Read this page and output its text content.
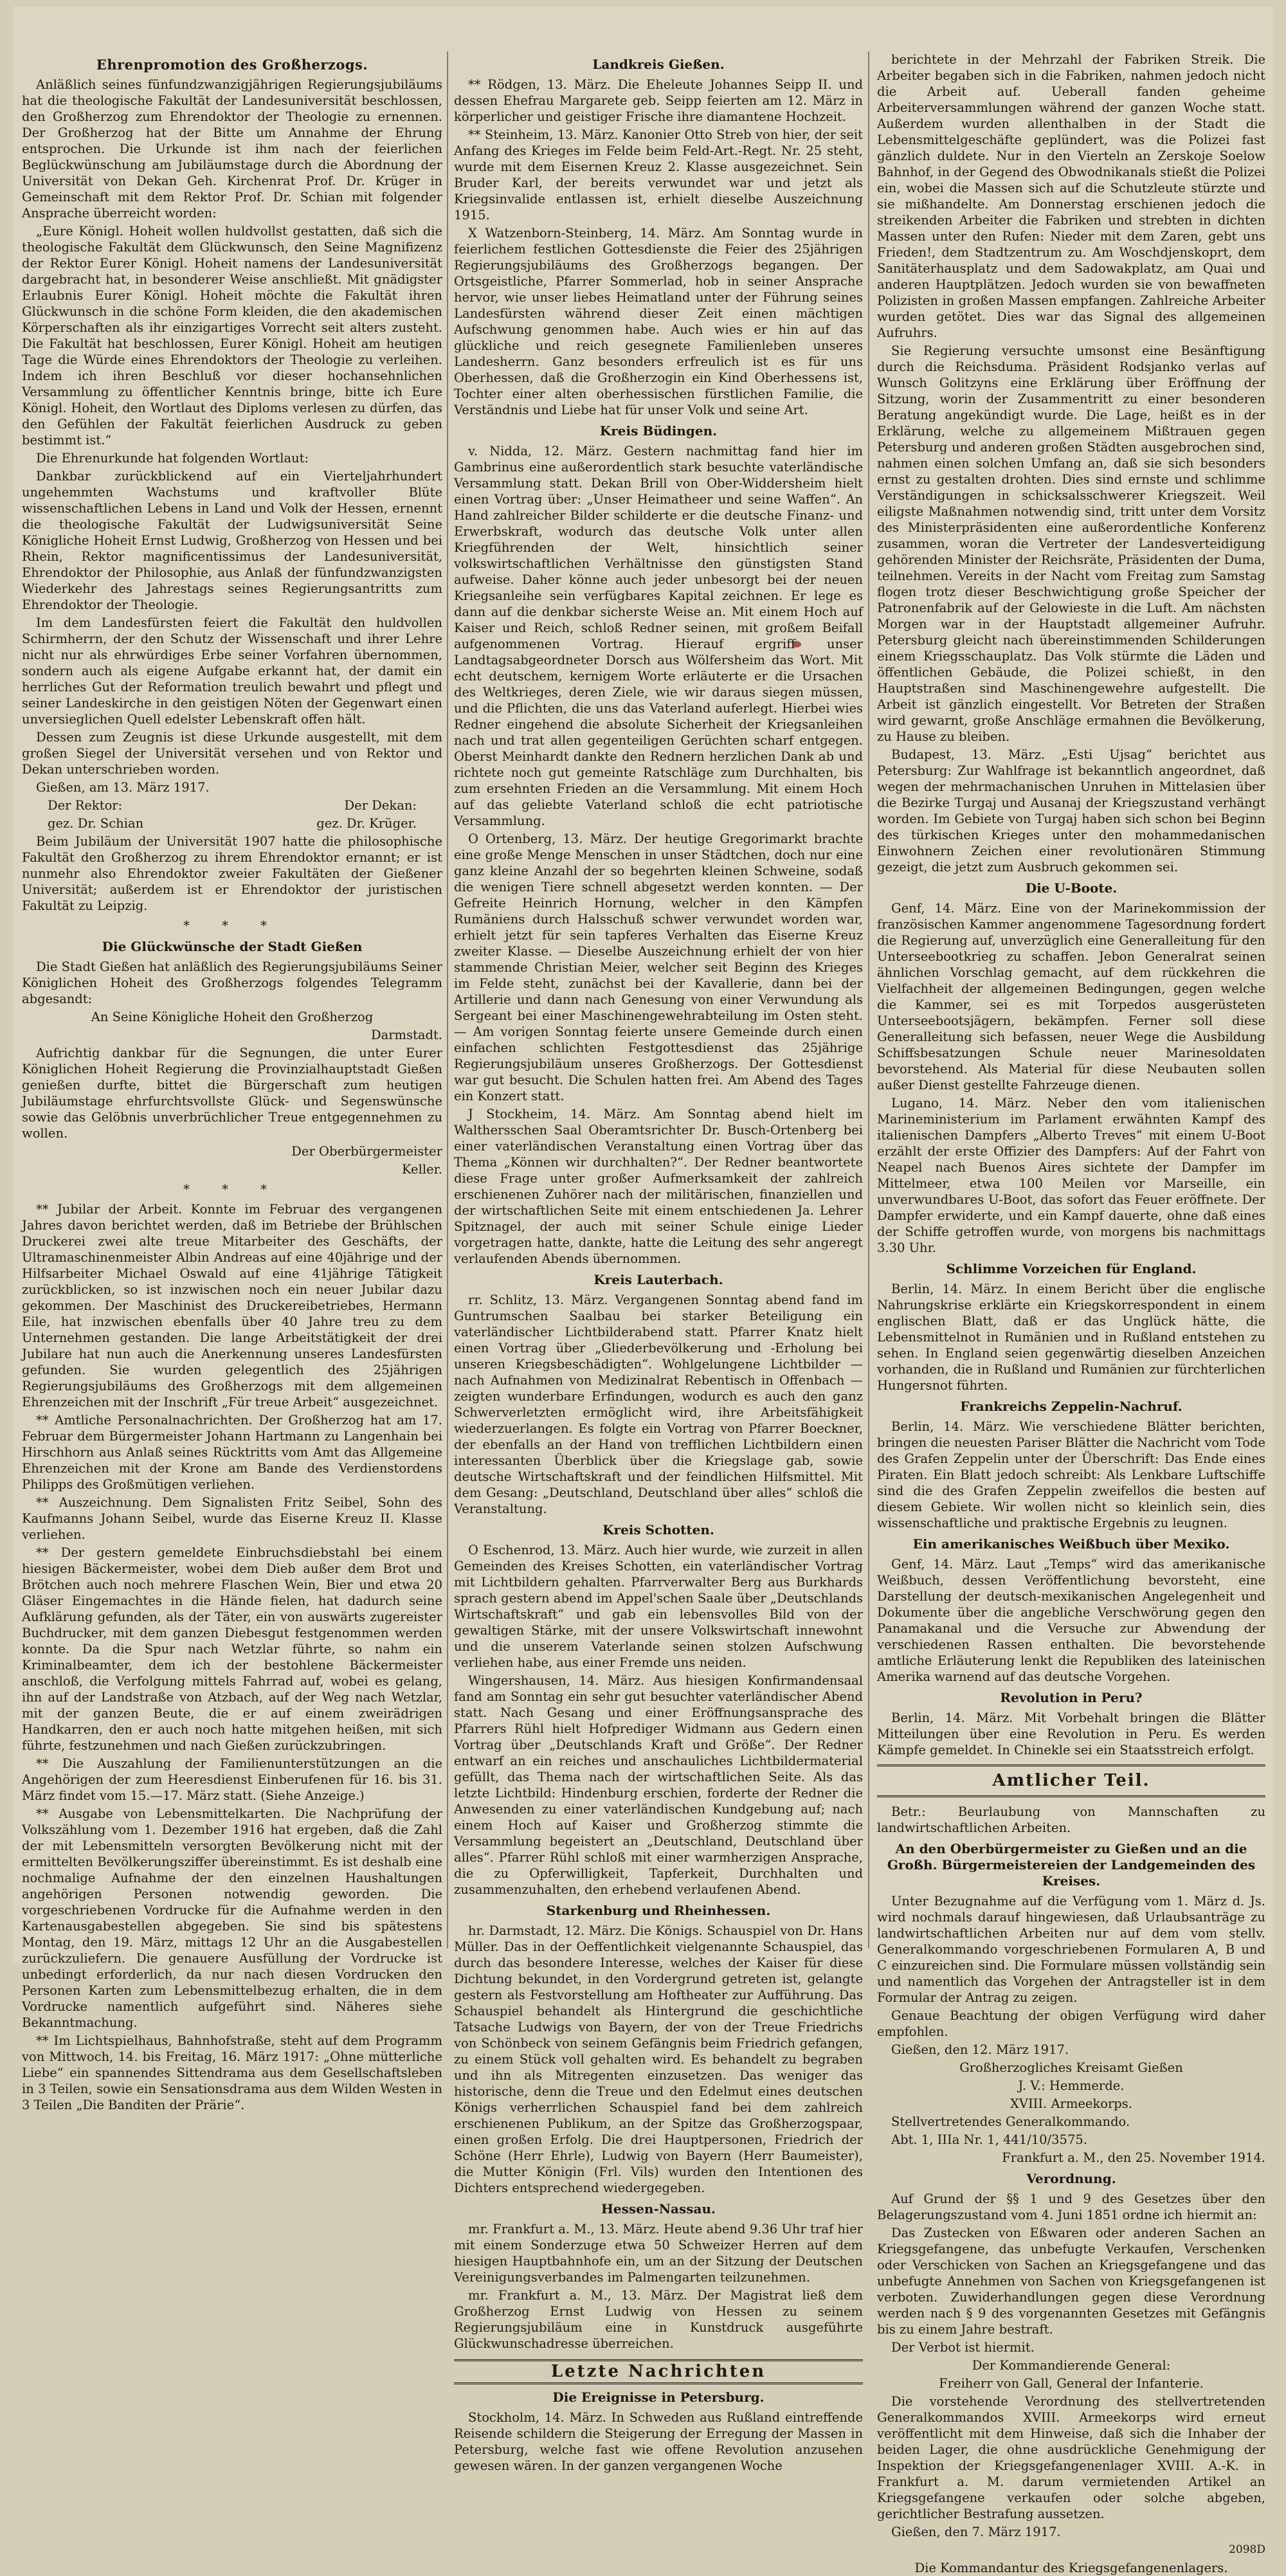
Ehrenpromotion des Großherzogs.

Anläßlich seines fünfundzwanzigjährigen Regierungsjubiläums hat die theologische Fakultät der Landesuniversität beschlossen, den Großherzog zum Ehrendoktor der Theologie zu ernennen. Der Großherzog hat der Bitte um Annahme der Ehrung entsprochen. Die Urkunde ist ihm nach der feierlichen Beglückwünschung am Jubiläumstage durch die Abordnung der Universität von Dekan Geh. Kirchenrat Prof. Dr. Krüger in Gemeinschaft mit dem Rektor Prof. Dr. Schian mit folgender Ansprache überreicht worden:

„Eure Königl. Hoheit wollen huldvollst gestatten, daß sich die theologische Fakultät dem Glückwunsch, den Seine Magnifizenz der Rektor Eurer Königl. Hoheit namens der Landesuniversität dargebracht hat, in besonderer Weise anschließt. Mit gnädigster Erlaubnis Eurer Königl. Hoheit möchte die Fakultät ihren Glückwunsch in die schöne Form kleiden, die den akademischen Körperschaften als ihr einzigartiges Vorrecht seit alters zusteht. Die Fakultät hat beschlossen, Eurer Königl. Hoheit am heutigen Tage die Würde eines Ehrendoktors der Theologie zu verleihen. Indem ich ihren Beschluß vor dieser hochansehnlichen Versammlung zu öffentlicher Kenntnis bringe, bitte ich Eure Königl. Hoheit, den Wortlaut des Diploms verlesen zu dürfen, das den Gefühlen der Fakultät feierlichen Ausdruck zu geben bestimmt ist.“

Die Ehrenurkunde hat folgenden Wortlaut:

Dankbar zurückblickend auf ein Vierteljahrhundert ungehemmten Wachstums und kraftvoller Blüte wissenschaftlichen Lebens in Land und Volk der Hessen, ernennt die theologische Fakultät der Ludwigsuniversität Seine Königliche Hoheit Ernst Ludwig, Großherzog von Hessen und bei Rhein, Rektor magnificentissimus der Landesuniversität, Ehrendoktor der Philosophie, aus Anlaß der fünfundzwanzigsten Wiederkehr des Jahrestags seines Regierungsantritts zum Ehrendoktor der Theologie.

Im dem Landesfürsten feiert die Fakultät den huldvollen Schirmherrn, der den Schutz der Wissenschaft und ihrer Lehre nicht nur als ehrwürdiges Erbe seiner Vorfahren übernommen, sondern auch als eigene Aufgabe erkannt hat, der damit ein herrliches Gut der Reformation treulich bewahrt und pflegt und seiner Landeskirche in den geistigen Nöten der Gegenwart einen unversieglichen Quell edelster Lebenskraft offen hält.

Dessen zum Zeugnis ist diese Urkunde ausgestellt, mit dem großen Siegel der Universität versehen und von Rektor und Dekan unterschrieben worden.

Gießen, am 13. März 1917.

Der Rektor:	Der Dekan:
gez. Dr. Schian	gez. Dr. Krüger.

Beim Jubiläum der Universität 1907 hatte die philosophische Fakultät den Großherzog zu ihrem Ehrendoktor ernannt; er ist nunmehr also Ehrendoktor zweier Fakultäten der Gießener Universität; außerdem ist er Ehrendoktor der juristischen Fakultät zu Leipzig.

* * *
Die Glückwünsche der Stadt Gießen

Die Stadt Gießen hat anläßlich des Regierungsjubiläums Seiner Königlichen Hoheit des Großherzogs folgendes Telegramm abgesandt:

An Seine Königliche Hoheit den Großherzog

Darmstadt.

Aufrichtig dankbar für die Segnungen, die unter Eurer Königlichen Hoheit Regierung die Provinzialhauptstadt Gießen genießen durfte, bittet die Bürgerschaft zum heutigen Jubiläumstage ehrfurchtsvollste Glück- und Segenswünsche sowie das Gelöbnis unverbrüchlicher Treue entgegennehmen zu wollen.

Der Oberbürgermeister

Keller.

* * *

** Jubilar der Arbeit. Konnte im Februar des vergangenen Jahres davon berichtet werden, daß im Betriebe der Brühlschen Druckerei zwei alte treue Mitarbeiter des Geschäfts, der Ultramaschinenmeister Albin Andreas auf eine 40jährige und der Hilfsarbeiter Michael Oswald auf eine 41jährige Tätigkeit zurückblicken, so ist inzwischen noch ein neuer Jubilar dazu gekommen. Der Maschinist des Druckereibetriebes, Hermann Eile, hat inzwischen ebenfalls über 40 Jahre treu zu dem Unternehmen gestanden. Die lange Arbeitstätigkeit der drei Jubilare hat nun auch die Anerkennung unseres Landesfürsten gefunden. Sie wurden gelegentlich des 25jährigen Regierungsjubiläums des Großherzogs mit dem allgemeinen Ehrenzeichen mit der Inschrift „Für treue Arbeit“ ausgezeichnet.

** Amtliche Personalnachrichten. Der Großherzog hat am 17. Februar dem Bürgermeister Johann Hartmann zu Langenhain bei Hirschhorn aus Anlaß seines Rücktritts vom Amt das Allgemeine Ehrenzeichen mit der Krone am Bande des Verdienstordens Philipps des Großmütigen verliehen.

** Auszeichnung. Dem Signalisten Fritz Seibel, Sohn des Kaufmanns Johann Seibel, wurde das Eiserne Kreuz II. Klasse verliehen.

** Der gestern gemeldete Einbruchsdiebstahl bei einem hiesigen Bäckermeister, wobei dem Dieb außer dem Brot und Brötchen auch noch mehrere Flaschen Wein, Bier und etwa 20 Gläser Eingemachtes in die Hände fielen, hat dadurch seine Aufklärung gefunden, als der Täter, ein von auswärts zugereister Buchdrucker, mit dem ganzen Diebesgut festgenommen werden konnte. Da die Spur nach Wetzlar führte, so nahm ein Kriminalbeamter, dem ich der bestohlene Bäckermeister anschloß, die Verfolgung mittels Fahrrad auf, wobei es gelang, ihn auf der Landstraße von Atzbach, auf der Weg nach Wetzlar, mit der ganzen Beute, die er auf einem zweirädrigen Handkarren, den er auch noch hatte mitgehen heißen, mit sich führte, festzunehmen und nach Gießen zurückzubringen.

** Die Auszahlung der Familienunterstützungen an die Angehörigen der zum Heeresdienst Einberufenen für 16. bis 31. März findet vom 15.—17. März statt. (Siehe Anzeige.)

** Ausgabe von Lebensmittelkarten. Die Nachprüfung der Volkszählung vom 1. Dezember 1916 hat ergeben, daß die Zahl der mit Lebensmitteln versorgten Bevölkerung nicht mit der ermittelten Bevölkerungsziffer übereinstimmt. Es ist deshalb eine nochmalige Aufnahme der den einzelnen Haushaltungen angehörigen Personen notwendig geworden. Die vorgeschriebenen Vordrucke für die Aufnahme werden in den Kartenausgabestellen abgegeben. Sie sind bis spätestens Montag, den 19. März, mittags 12 Uhr an die Ausgabestellen zurückzuliefern. Die genauere Ausfüllung der Vordrucke ist unbedingt erforderlich, da nur nach diesen Vordrucken den Personen Karten zum Lebensmittelbezug erhalten, die in dem Vordrucke namentlich aufgeführt sind. Näheres siehe Bekanntmachung.

** Im Lichtspielhaus, Bahnhofstraße, steht auf dem Programm von Mittwoch, 14. bis Freitag, 16. März 1917: „Ohne mütterliche Liebe“ ein spannendes Sittendrama aus dem Gesellschaftsleben in 3 Teilen, sowie ein Sensationsdrama aus dem Wilden Westen in 3 Teilen „Die Banditen der Prärie“.

Landkreis Gießen.

** Rödgen, 13. März. Die Eheleute Johannes Seipp II. und dessen Ehefrau Margarete geb. Seipp feierten am 12. März in körperlicher und geistiger Frische ihre diamantene Hochzeit.

** Steinheim, 13. März. Kanonier Otto Streb von hier, der seit Anfang des Krieges im Felde beim Feld-Art.-Regt. Nr. 25 steht, wurde mit dem Eisernen Kreuz 2. Klasse ausgezeichnet. Sein Bruder Karl, der bereits verwundet war und jetzt als Kriegsinvalide entlassen ist, erhielt dieselbe Auszeichnung 1915.

X Watzenborn-Steinberg, 14. März. Am Sonntag wurde in feierlichem festlichen Gottesdienste die Feier des 25jährigen Regierungsjubiläums des Großherzogs begangen. Der Ortsgeistliche, Pfarrer Sommerlad, hob in seiner Ansprache hervor, wie unser liebes Heimatland unter der Führung seines Landesfürsten während dieser Zeit einen mächtigen Aufschwung genommen habe. Auch wies er hin auf das glückliche und reich gesegnete Familienleben unseres Landesherrn. Ganz besonders erfreulich ist es für uns Oberhessen, daß die Großherzogin ein Kind Oberhessens ist, Tochter einer alten oberhessischen fürstlichen Familie, die Verständnis und Liebe hat für unser Volk und seine Art.

Kreis Büdingen.

v. Nidda, 12. März. Gestern nachmittag fand hier im Gambrinus eine außerordentlich stark besuchte vaterländische Versammlung statt. Dekan Brill von Ober-Widdersheim hielt einen Vortrag über: „Unser Heimatheer und seine Waffen“. An Hand zahlreicher Bilder schilderte er die deutsche Finanz- und Erwerbskraft, wodurch das deutsche Volk unter allen Kriegführenden der Welt, hinsichtlich seiner volkswirtschaftlichen Verhältnisse den günstigsten Stand aufweise. Daher könne auch jeder unbesorgt bei der neuen Kriegsanleihe sein verfügbares Kapital zeichnen. Er lege es dann auf die denkbar sicherste Weise an. Mit einem Hoch auf Kaiser und Reich, schloß Redner seinen, mit großem Beifall aufgenommenen Vortrag. Hierauf ergriff unser Landtagsabgeordneter Dorsch aus Wölfersheim das Wort. Mit echt deutschem, kernigem Worte erläuterte er die Ursachen des Weltkrieges, deren Ziele, wie wir daraus siegen müssen, und die Pflichten, die uns das Vaterland auferlegt. Hierbei wies Redner eingehend die absolute Sicherheit der Kriegsanleihen nach und trat allen gegenteiligen Gerüchten scharf entgegen. Oberst Meinhardt dankte den Rednern herzlichen Dank ab und richtete noch gut gemeinte Ratschläge zum Durchhalten, bis zum ersehnten Frieden an die Versammlung. Mit einem Hoch auf das geliebte Vaterland schloß die echt patriotische Versammlung.

O Ortenberg, 13. März. Der heutige Gregorimarkt brachte eine große Menge Menschen in unser Städtchen, doch nur eine ganz kleine Anzahl der so begehrten kleinen Schweine, sodaß die wenigen Tiere schnell abgesetzt werden konnten. — Der Gefreite Heinrich Hornung, welcher in den Kämpfen Rumäniens durch Halsschuß schwer verwundet worden war, erhielt jetzt für sein tapferes Verhalten das Eiserne Kreuz zweiter Klasse. — Dieselbe Auszeichnung erhielt der von hier stammende Christian Meier, welcher seit Beginn des Krieges im Felde steht, zunächst bei der Kavallerie, dann bei der Artillerie und dann nach Genesung von einer Verwundung als Sergeant bei einer Maschinengewehrabteilung im Osten steht. — Am vorigen Sonntag feierte unsere Gemeinde durch einen einfachen schlichten Festgottesdienst das 25jährige Regierungsjubiläum unseres Großherzogs. Der Gottesdienst war gut besucht. Die Schulen hatten frei. Am Abend des Tages ein Konzert statt.

J Stockheim, 14. März. Am Sonntag abend hielt im Walthersschen Saal Oberamtsrichter Dr. Busch-Ortenberg bei einer vaterländischen Veranstaltung einen Vortrag über das Thema „Können wir durchhalten?“. Der Redner beantwortete diese Frage unter großer Aufmerksamkeit der zahlreich erschienenen Zuhörer nach der militärischen, finanziellen und der wirtschaftlichen Seite mit einem entschiedenen Ja. Lehrer Spitznagel, der auch mit seiner Schule einige Lieder vorgetragen hatte, dankte, hatte die Leitung des sehr angeregt verlaufenden Abends übernommen.

Kreis Lauterbach.

rr. Schlitz, 13. März. Vergangenen Sonntag abend fand im Guntrumschen Saalbau bei starker Beteiligung ein vaterländischer Lichtbilderabend statt. Pfarrer Knatz hielt einen Vortrag über „Gliederbevölkerung und -Erholung bei unseren Kriegsbeschädigten“. Wohlgelungene Lichtbilder — nach Aufnahmen von Medizinalrat Rebentisch in Offenbach — zeigten wunderbare Erfindungen, wodurch es auch den ganz Schwerverletzten ermöglicht wird, ihre Arbeitsfähigkeit wiederzuerlangen. Es folgte ein Vortrag von Pfarrer Boeckner, der ebenfalls an der Hand von trefflichen Lichtbildern einen interessanten Überblick über die Kriegslage gab, sowie deutsche Wirtschaftskraft und der feindlichen Hilfsmittel. Mit dem Gesang: „Deutschland, Deutschland über alles“ schloß die Veranstaltung.

Kreis Schotten.

O Eschenrod, 13. März. Auch hier wurde, wie zurzeit in allen Gemeinden des Kreises Schotten, ein vaterländischer Vortrag mit Lichtbildern gehalten. Pfarrverwalter Berg aus Burkhards sprach gestern abend im Appel'schen Saale über „Deutschlands Wirtschaftskraft“ und gab ein lebensvolles Bild von der gewaltigen Stärke, mit der unsere Volkswirtschaft innewohnt und die unserem Vaterlande seinen stolzen Aufschwung verliehen habe, aus einer Fremde uns neiden.

Wingershausen, 14. März. Aus hiesigen Konfirmandensaal fand am Sonntag ein sehr gut besuchter vaterländischer Abend statt. Nach Gesang und einer Eröffnungsansprache des Pfarrers Rühl hielt Hofprediger Widmann aus Gedern einen Vortrag über „Deutschlands Kraft und Größe“. Der Redner entwarf an ein reiches und anschauliches Lichtbildermaterial gefüllt, das Thema nach der wirtschaftlichen Seite. Als das letzte Lichtbild: Hindenburg erschien, forderte der Redner die Anwesenden zu einer vaterländischen Kundgebung auf; nach einem Hoch auf Kaiser und Großherzog stimmte die Versammlung begeistert an „Deutschland, Deutschland über alles“. Pfarrer Rühl schloß mit einer warmherzigen Ansprache, die zu Opferwilligkeit, Tapferkeit, Durchhalten und zusammenzuhalten, den erhebend verlaufenen Abend.

Starkenburg und Rheinhessen.

hr. Darmstadt, 12. März. Die Königs. Schauspiel von Dr. Hans Müller. Das in der Oeffentlichkeit vielgenannte Schauspiel, das durch das besondere Interesse, welches der Kaiser für diese Dichtung bekundet, in den Vordergrund getreten ist, gelangte gestern als Festvorstellung am Hoftheater zur Aufführung. Das Schauspiel behandelt als Hintergrund die geschichtliche Tatsache Ludwigs von Bayern, der von der Treue Friedrichs von Schönbeck von seinem Gefängnis beim Friedrich gefangen, zu einem Stück voll gehalten wird. Es behandelt zu begraben und ihn als Mitregenten einzusetzen. Das weniger das historische, denn die Treue und den Edelmut eines deutschen Königs verherrlichen Schauspiel fand bei dem zahlreich erschienenen Publikum, an der Spitze das Großherzogspaar, einen großen Erfolg. Die drei Hauptpersonen, Friedrich der Schöne (Herr Ehrle), Ludwig von Bayern (Herr Baumeister), die Mutter Königin (Frl. Vils) wurden den Intentionen des Dichters entsprechend wiedergegeben.

Hessen-Nassau.

mr. Frankfurt a. M., 13. März. Heute abend 9.36 Uhr traf hier mit einem Sonderzuge etwa 50 Schweizer Herren auf dem hiesigen Hauptbahnhofe ein, um an der Sitzung der Deutschen Vereinigungsverbandes im Palmengarten teilzunehmen.

mr. Frankfurt a. M., 13. März. Der Magistrat ließ dem Großherzog Ernst Ludwig von Hessen zu seinem Regierungsjubiläum eine in Kunstdruck ausgeführte Glückwunschadresse überreichen.

Letzte Nachrichten
Die Ereignisse in Petersburg.

Stockholm, 14. März. In Schweden aus Rußland eintreffende Reisende schildern die Steigerung der Erregung der Massen in Petersburg, welche fast wie offene Revolution anzusehen gewesen wären. In der ganzen vergangenen Woche

berichtete in der Mehrzahl der Fabriken Streik. Die Arbeiter begaben sich in die Fabriken, nahmen jedoch nicht die Arbeit auf. Ueberall fanden geheime Arbeiterversammlungen während der ganzen Woche statt. Außerdem wurden allenthalben in der Stadt die Lebensmittelgeschäfte geplündert, was die Polizei fast gänzlich duldete. Nur in den Vierteln an Zerskoje Soelow Bahnhof, in der Gegend des Obwodnikanals stießt die Polizei ein, wobei die Massen sich auf die Schutzleute stürzte und sie mißhandelte. Am Donnerstag erschienen jedoch die streikenden Arbeiter die Fabriken und strebten in dichten Massen unter den Rufen: Nieder mit dem Zaren, gebt uns Frieden!, dem Stadtzentrum zu. Am Woschdjenskoprt, dem Sanitäterhausplatz und dem Sadowakplatz, am Quai und anderen Hauptplätzen. Jedoch wurden sie von bewaffneten Polizisten in großen Massen empfangen. Zahlreiche Arbeiter wurden getötet. Dies war das Signal des allgemeinen Aufruhrs.

Sie Regierung versuchte umsonst eine Besänftigung durch die Reichsduma. Präsident Rodsjanko verlas auf Wunsch Golitzyns eine Erklärung über Eröffnung der Sitzung, worin der Zusammentritt zu einer besonderen Beratung angekündigt wurde. Die Lage, heißt es in der Erklärung, welche zu allgemeinem Mißtrauen gegen Petersburg und anderen großen Städten ausgebrochen sind, nahmen einen solchen Umfang an, daß sie sich besonders ernst zu gestalten drohten. Dies sind ernste und schlimme Verständigungen in schicksalsschwerer Kriegszeit. Weil eiligste Maßnahmen notwendig sind, tritt unter dem Vorsitz des Ministerpräsidenten eine außerordentliche Konferenz zusammen, woran die Vertreter der Landesverteidigung gehörenden Minister der Reichsräte, Präsidenten der Duma, teilnehmen. Vereits in der Nacht vom Freitag zum Samstag flogen trotz dieser Beschwichtigung große Speicher der Patronenfabrik auf der Gelowieste in die Luft. Am nächsten Morgen war in der Hauptstadt allgemeiner Aufruhr. Petersburg gleicht nach übereinstimmenden Schilderungen einem Kriegsschauplatz. Das Volk stürmte die Läden und öffentlichen Gebäude, die Polizei schießt, in den Hauptstraßen sind Maschinengewehre aufgestellt. Die Arbeit ist gänzlich eingestellt. Vor Betreten der Straßen wird gewarnt, große Anschläge ermahnen die Bevölkerung, zu Hause zu bleiben.

Budapest, 13. März. „Esti Ujsag“ berichtet aus Petersburg: Zur Wahlfrage ist bekanntlich angeordnet, daß wegen der mehrmachanischen Unruhen in Mittelasien über die Bezirke Turgaj und Ausanaj der Kriegszustand verhängt worden. Im Gebiete von Turgaj haben sich schon bei Beginn des türkischen Krieges unter den mohammedanischen Einwohnern Zeichen einer revolutionären Stimmung gezeigt, die jetzt zum Ausbruch gekommen sei.

Die U-Boote.

Genf, 14. März. Eine von der Marinekommission der französischen Kammer angenommene Tagesordnung fordert die Regierung auf, unverzüglich eine Generalleitung für den Unterseebootkrieg zu schaffen. Jebon Generalrat seinen ähnlichen Vorschlag gemacht, auf dem rückkehren die Vielfachheit der allgemeinen Bedingungen, gegen welche die Kammer, sei es mit Torpedos ausgerüsteten Unterseebootsjägern, bekämpfen. Ferner soll diese Generalleitung sich befassen, neuer Wege die Ausbildung Schiffsbesatzungen Schule neuer Marinesoldaten bevorstehend. Als Material für diese Neubauten sollen außer Dienst gestellte Fahrzeuge dienen.

Lugano, 14. März. Neber den vom italienischen Marineministerium im Parlament erwähnten Kampf des italienischen Dampfers „Alberto Treves“ mit einem U-Boot erzählt der erste Offizier des Dampfers: Auf der Fahrt von Neapel nach Buenos Aires sichtete der Dampfer im Mittelmeer, etwa 100 Meilen vor Marseille, ein unverwundbares U-Boot, das sofort das Feuer eröffnete. Der Dampfer erwiderte, und ein Kampf dauerte, ohne daß eines der Schiffe getroffen wurde, von morgens bis nachmittags 3.30 Uhr.

Schlimme Vorzeichen für England.

Berlin, 14. März. In einem Bericht über die englische Nahrungskrise erklärte ein Kriegskorrespondent in einem englischen Blatt, daß er das Unglück hätte, die Lebensmittelnot in Rumänien und in Rußland entstehen zu sehen. In England seien gegenwärtig dieselben Anzeichen vorhanden, die in Rußland und Rumänien zur fürchterlichen Hungersnot führten.

Frankreichs Zeppelin-Nachruf.

Berlin, 14. März. Wie verschiedene Blätter berichten, bringen die neuesten Pariser Blätter die Nachricht vom Tode des Grafen Zeppelin unter der Überschrift: Das Ende eines Piraten. Ein Blatt jedoch schreibt: Als Lenkbare Luftschiffe sind die des Grafen Zeppelin zweifellos die besten auf diesem Gebiete. Wir wollen nicht so kleinlich sein, dies wissenschaftliche und praktische Ergebnis zu leugnen.

Ein amerikanisches Weißbuch über Mexiko.

Genf, 14. März. Laut „Temps“ wird das amerikanische Weißbuch, dessen Veröffentlichung bevorsteht, eine Darstellung der deutsch-mexikanischen Angelegenheit und Dokumente über die angebliche Verschwörung gegen den Panamakanal und die Versuche zur Abwendung der verschiedenen Rassen enthalten. Die bevorstehende amtliche Erläuterung lenkt die Republiken des lateinischen Amerika warnend auf das deutsche Vorgehen.

Revolution in Peru?

Berlin, 14. März. Mit Vorbehalt bringen die Blätter Mitteilungen über eine Revolution in Peru. Es werden Kämpfe gemeldet. In Chinekle sei ein Staatsstreich erfolgt.

Amtlicher Teil.

Betr.: Beurlaubung von Mannschaften zu landwirtschaftlichen Arbeiten.

An den Oberbürgermeister zu Gießen und an die Großh. Bürgermeistereien der Landgemeinden des Kreises.

Unter Bezugnahme auf die Verfügung vom 1. März d. Js. wird nochmals darauf hingewiesen, daß Urlaubsanträge zu landwirtschaftlichen Arbeiten nur auf dem vom stellv. Generalkommando vorgeschriebenen Formularen A, B und C einzureichen sind. Die Formulare müssen vollständig sein und namentlich das Vorgehen der Antragsteller ist in dem Formular der Antrag zu zeigen.

Genaue Beachtung der obigen Verfügung wird daher empfohlen.

Gießen, den 12. März 1917.

Großherzogliches Kreisamt Gießen

J. V.: Hemmerde.

XVIII. Armeekorps.

Stellvertretendes Generalkommando.

Abt. 1, IIIa Nr. 1, 441/10/3575.

Frankfurt a. M., den 25. November 1914.

Verordnung.

Auf Grund der §§ 1 und 9 des Gesetzes über den Belagerungszustand vom 4. Juni 1851 ordne ich hiermit an:

Das Zustecken von Eßwaren oder anderen Sachen an Kriegsgefangene, das unbefugte Verkaufen, Verschenken oder Verschicken von Sachen an Kriegsgefangene und das unbefugte Annehmen von Sachen von Kriegsgefangenen ist verboten. Zuwiderhandlungen gegen diese Verordnung werden nach § 9 des vorgenannten Gesetzes mit Gefängnis bis zu einem Jahre bestraft.

Der Verbot ist hiermit.

Der Kommandierende General:

Freiherr von Gall, General der Infanterie.

Die vorstehende Verordnung des stellvertretenden Generalkommandos XVIII. Armeekorps wird erneut veröffentlicht mit dem Hinweise, daß sich die Inhaber der beiden Lager, die ohne ausdrückliche Genehmigung der Inspektion der Kriegsgefangenenlager XVIII. A.-K. in Frankfurt a. M. darum vermietenden Artikel an Kriegsgefangene verkaufen oder solche abgeben, gerichtlicher Bestrafung aussetzen.

Gießen, den 7. März 1917.

2098D

Die Kommandantur des Kriegsgefangenenlagers.
